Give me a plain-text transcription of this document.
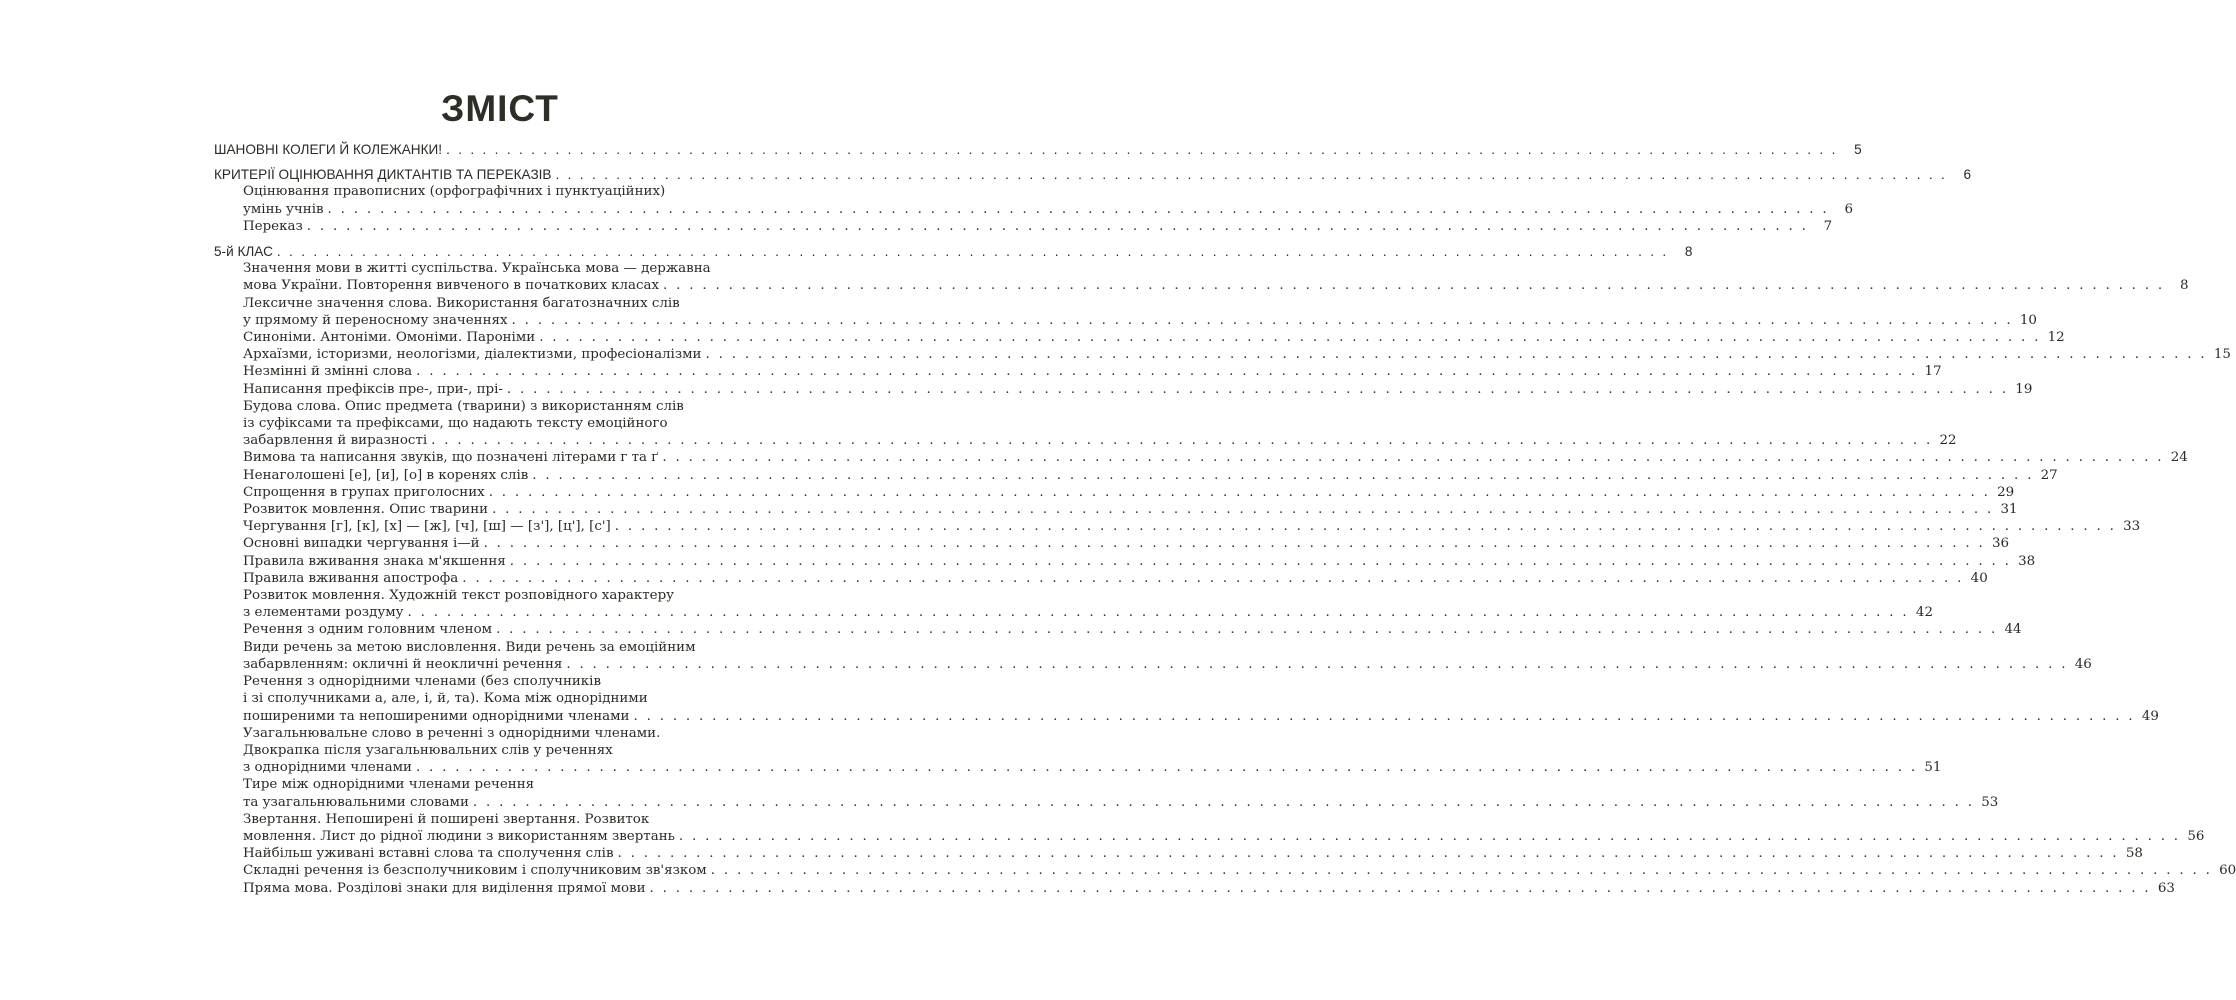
ЗМІСТ
ШАНОВНІ КОЛЕГИ Й КОЛЕЖАНКИ! . . .	5
КРИТЕРІЇ ОЦІНЮВАННЯ ДИКТАНТІВ ТА ПЕРЕКАЗІВ . . .	6
Оцінювання правописних (орфографічних і пунктуаційних)
умінь учнів . . .	6
Переказ . . .	7
5-й КЛАС . . .	8
Значення мови в житті суспільства. Українська мова — державна
мова України. Повторення вивченого в початкових класах . . .	8
Лексичне значення слова. Використання багатозначних слів
у прямому й переносному значеннях . . .	10
Синоніми. Антоніми. Омоніми. Пароніми . . .	12
Архаїзми, історизми, неологізми, діалектизми, професіоналізми . . .	15
Незмінні й змінні слова . . .	17
Написання префіксів пре-, при-, прі- . . .	19
Будова слова. Опис предмета (тварини) з використанням слів
із суфіксами та префіксами, що надають тексту емоційного
забарвлення й виразності . . .	22
Вимова та написання звуків, що позначені літерами г та ґ . . .	24
Ненаголошені [е], [и], [о] в коренях слів . . .	27
Спрощення в групах приголосних . . .	29
Розвиток мовлення. Опис тварини . . .	31
Чергування [г], [к], [х] — [ж], [ч], [ш] — [з'], [ц'], [с'] . . .	33
Основні випадки чергування і—й . . .	36
Правила вживання знака м'якшення . . .	38
Правила вживання апострофа . . .	40
Розвиток мовлення. Художній текст розповідного характеру
з елементами роздуму . . .	42
Речення з одним головним членом . . .	44
Види речень за метою висловлення. Види речень за емоційним
забарвленням: окличні й неокличні речення . . .	46
Речення з однорідними членами (без сполучників
і зі сполучниками а, але, і, й, та). Кома між однорідними
поширеними та непоширеними однорідними членами . . .	49
Узагальнювальне слово в реченні з однорідними членами.
Двокрапка після узагальнювальних слів у реченнях
з однорідними членами . . .	51
Тире між однорідними членами речення
та узагальнювальними словами . . .	53
Звертання. Непоширені й поширені звертання. Розвиток
мовлення. Лист до рідної людини з використанням звертань . . .	56
Найбільш уживані вставні слова та сполучення слів . . .	58
Складні речення із безсполучниковим і сполучниковим зв'язком . . .	60
Пряма мова. Розділові знаки для виділення прямої мови . . .	63
